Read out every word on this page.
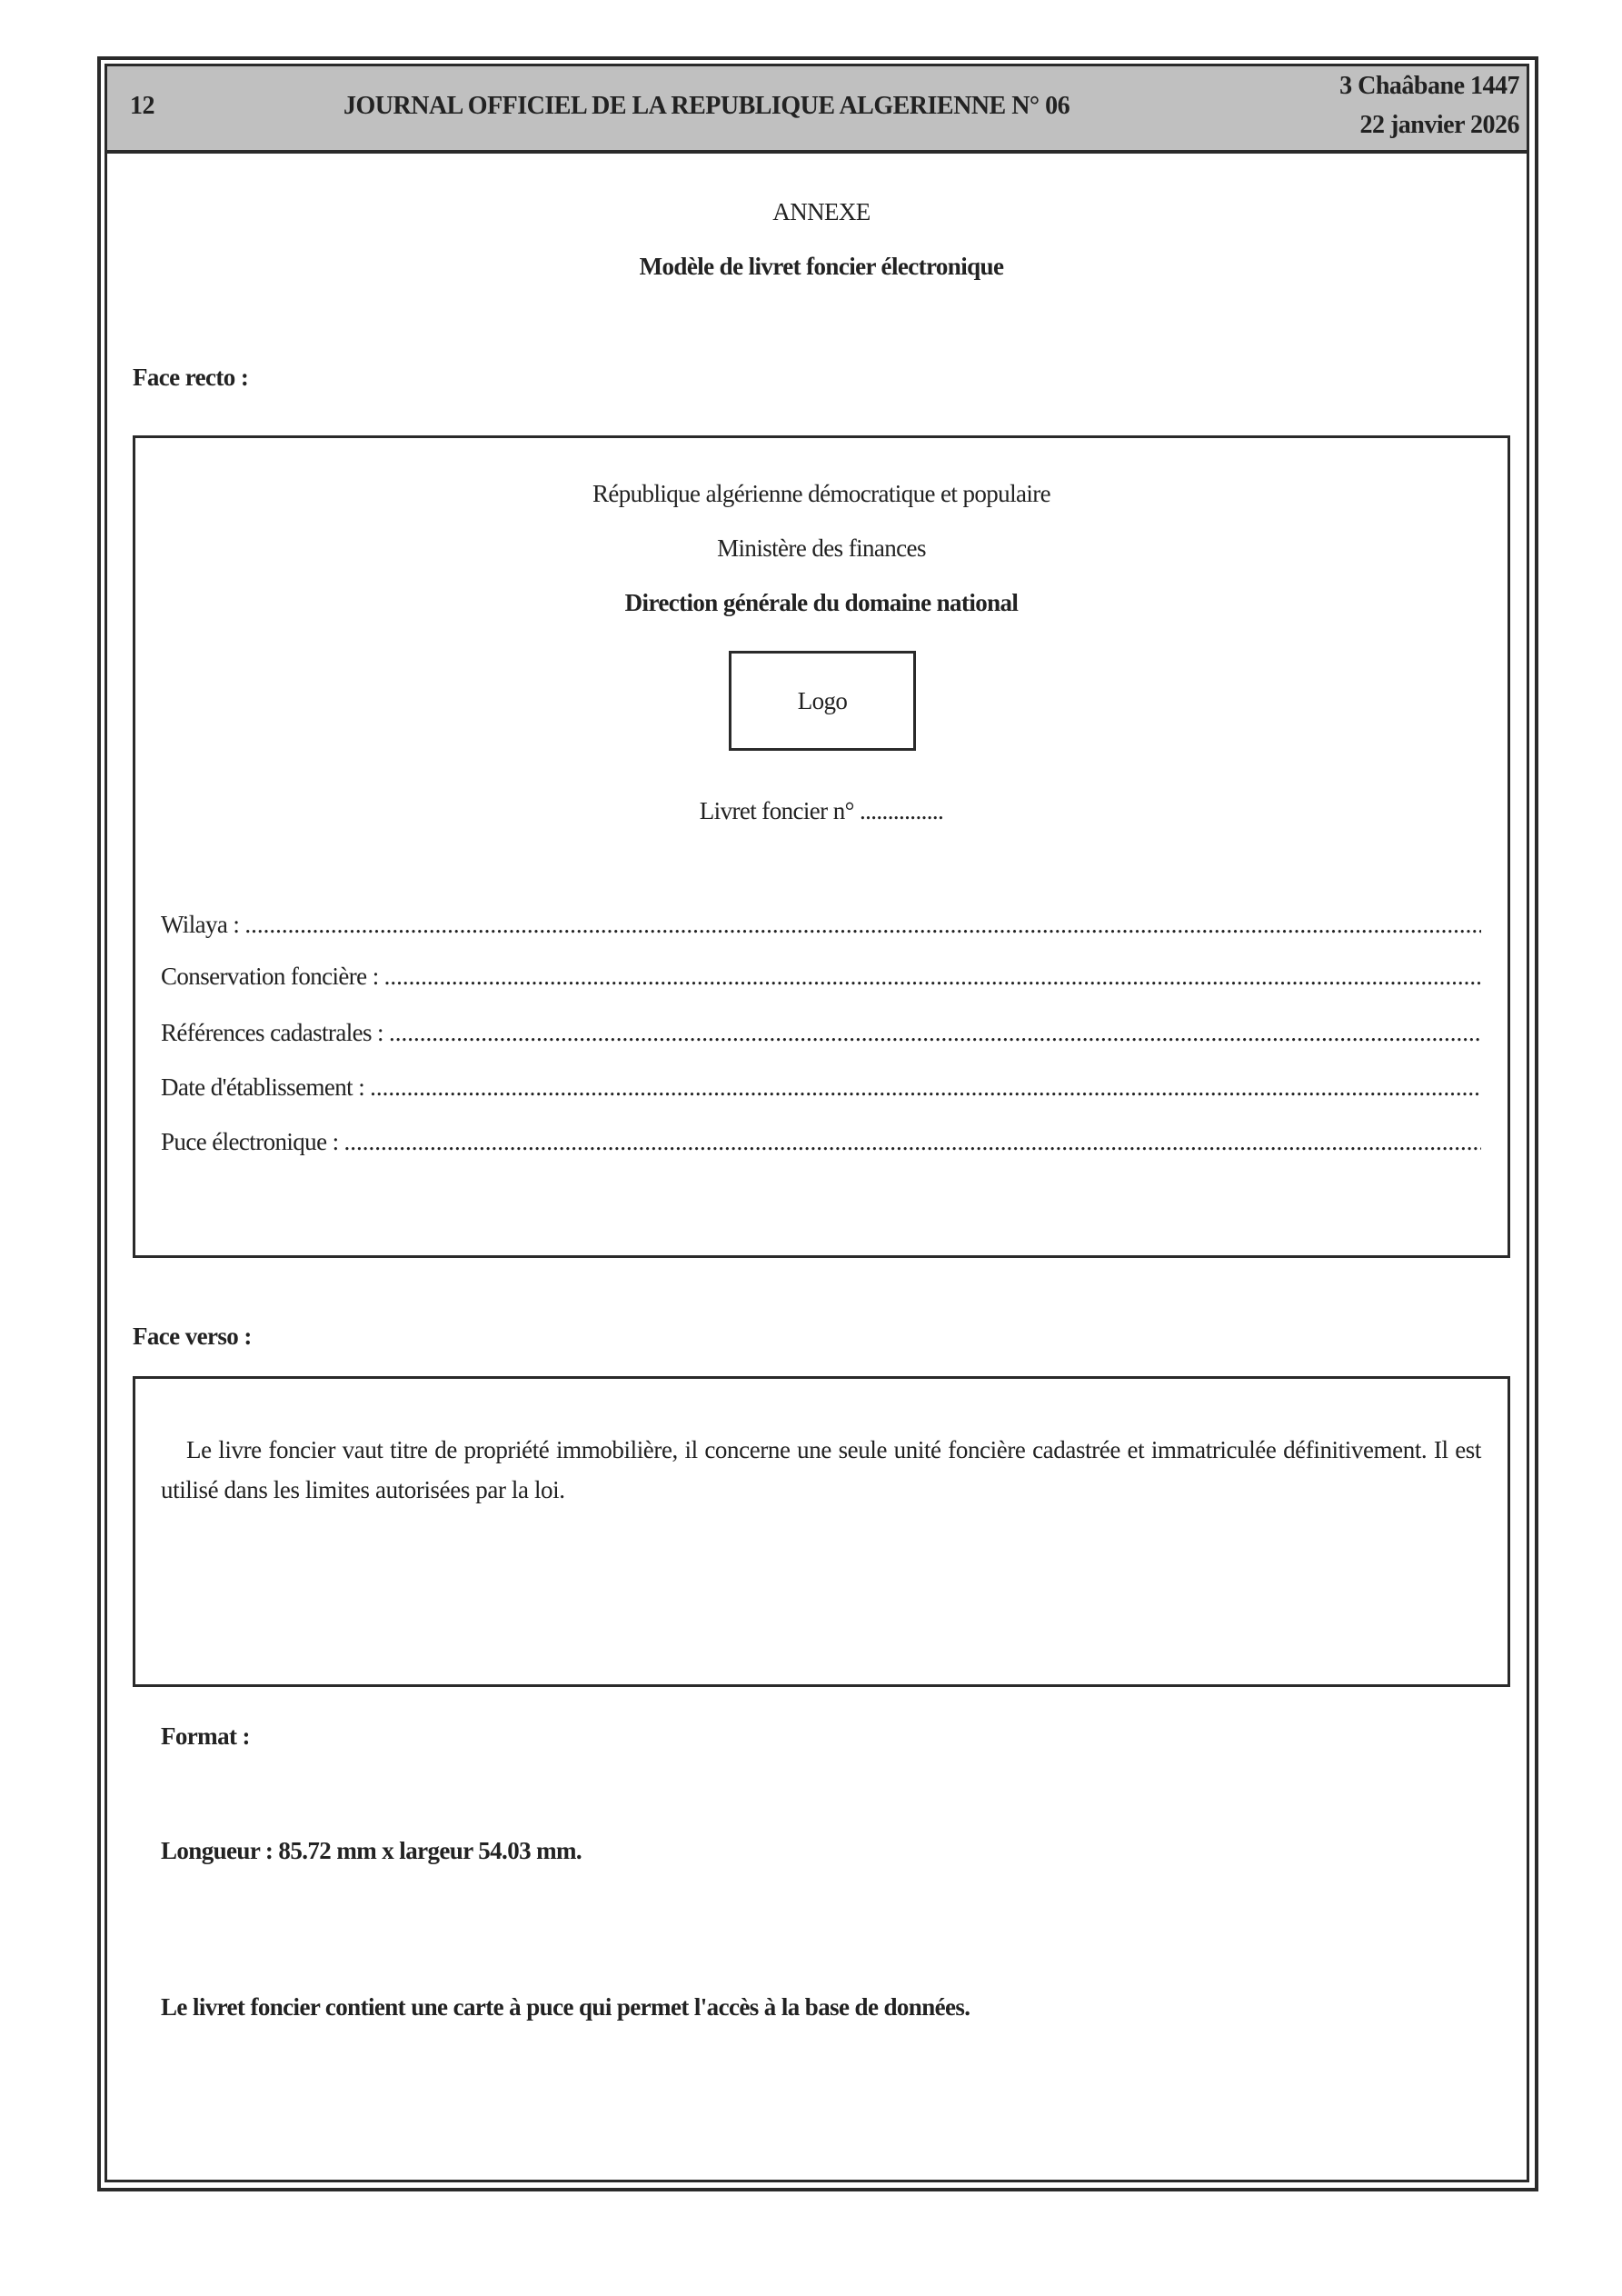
12	JOURNAL OFFICIEL DE LA REPUBLIQUE ALGERIENNE N° 06
3 Chaâbane 1447
22 janvier 2026
ANNEXE
Modèle de livret foncier électronique
Face recto :
République algérienne démocratique et populaire
Ministère des finances
Direction générale du domaine national
Logo
Livret foncier n° ...............
Wilaya :
.....
Conservation foncière :
.....
Références cadastrales :
.....
Date d'établissement :
.....
Puce électronique :
.....
Face verso :
Le livre foncier vaut titre de propriété immobilière, il concerne une seule unité foncière cadastrée et immatriculée définitivement. Il est utilisé dans les limites autorisées par la loi.
Format :
Longueur : 85.72 mm x largeur 54.03 mm.
Le livret foncier contient une carte à puce qui permet l'accès à la base de données.
